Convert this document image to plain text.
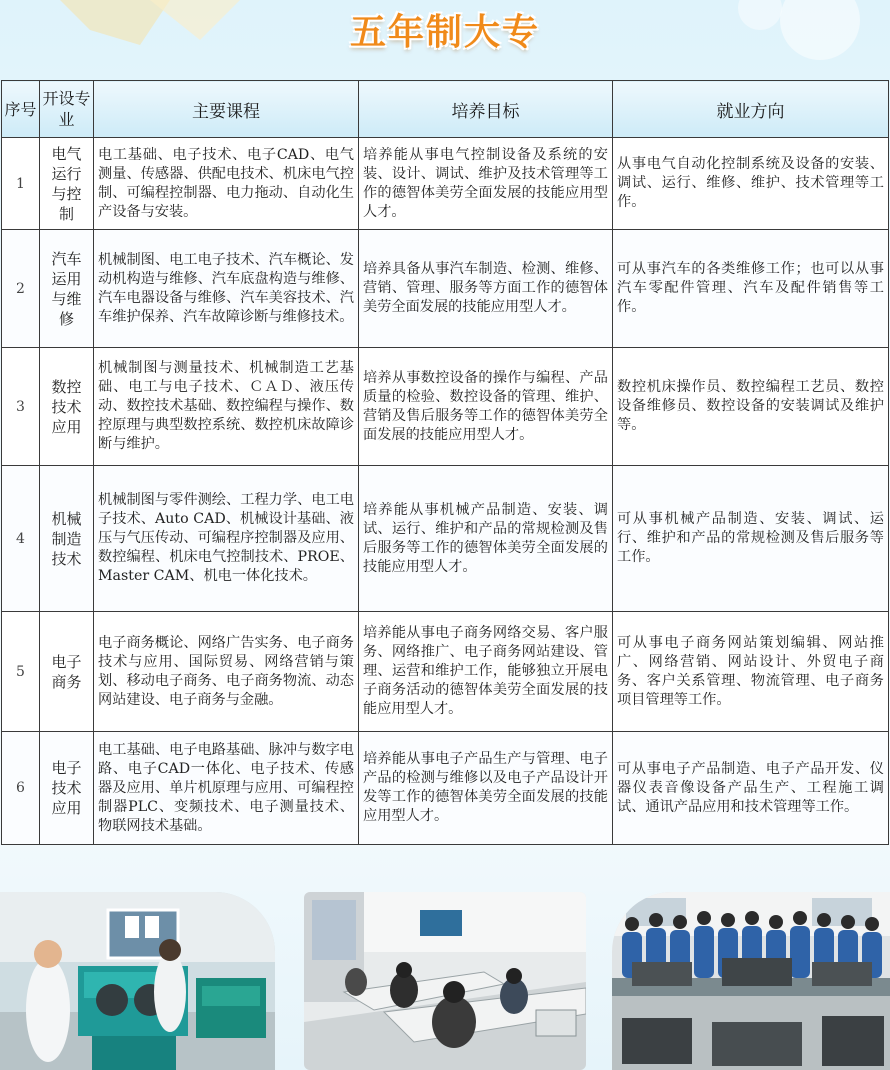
五年制大专
序号	开设专业	主要课程	培养目标	就业方向
1	电气运行与控制	电工基础、电子技术、电子CAD、电气测量、传感器、供配电技术、机床电气控制、可编程控制器、电力拖动、自动化生产设备与安装。	培养能从事电气控制设备及系统的安装、设计、调试、维护及技术管理等工作的德智体美劳全面发展的技能应用型人才。	从事电气自动化控制系统及设备的安装、调试、运行、维修、维护、技术管理等工作。
2	汽车运用与维修	机械制图、电工电子技术、汽车概论、发动机构造与维修、汽车底盘构造与维修、汽车电器设备与维修、汽车美容技术、汽车维护保养、汽车故障诊断与维修技术。	培养具备从事汽车制造、检测、维修、营销、管理、服务等方面工作的德智体美劳全面发展的技能应用型人才。	可从事汽车的各类维修工作；也可以从事汽车零配件管理、汽车及配件销售等工作。
3	数控技术应用	机械制图与测量技术、机械制造工艺基础、电工与电子技术、ＣＡＤ、液压传动、数控技术基础、数控编程与操作、数控原理与典型数控系统、数控机床故障诊断与维护。	培养从事数控设备的操作与编程、产品质量的检验、数控设备的管理、维护、营销及售后服务等工作的德智体美劳全面发展的技能应用型人才。	数控机床操作员、数控编程工艺员、数控设备维修员、数控设备的安装调试及维护等。
4	机械制造技术	机械制图与零件测绘、工程力学、电工电子技术、Auto CAD、机械设计基础、液压与气压传动、可编程序控制器及应用、数控编程、机床电气控制技术、PROE、Master CAM、机电一体化技术。	培养能从事机械产品制造、安装、调试、运行、维护和产品的常规检测及售后服务等工作的德智体美劳全面发展的技能应用型人才。	可从事机械产品制造、安装、调试、运行、维护和产品的常规检测及售后服务等工作。
5	电子商务	电子商务概论、网络广告实务、电子商务技术与应用、国际贸易、网络营销与策划、移动电子商务、电子商务物流、动态网站建设、电子商务与金融。	培养能从事电子商务网络交易、客户服务、网络推广、电子商务网站建设、管理、运营和维护工作，能够独立开展电子商务活动的德智体美劳全面发展的技能应用型人才。	可从事电子商务网站策划编辑、网站推广、网络营销、网站设计、外贸电子商务、客户关系管理、物流管理、电子商务项目管理等工作。
6	电子技术应用	电工基础、电子电路基础、脉冲与数字电路、电子CAD一体化、电子技术、传感器及应用、单片机原理与应用、可编程控制器PLC、变频技术、电子测量技术、物联网技术基础。	培养能从事电子产品生产与管理、电子产品的检测与维修以及电子产品设计开发等工作的德智体美劳全面发展的技能应用型人才。	可从事电子产品制造、电子产品开发、仪器仪表音像设备产品生产、工程施工调试、通讯产品应用和技术管理等工作。
